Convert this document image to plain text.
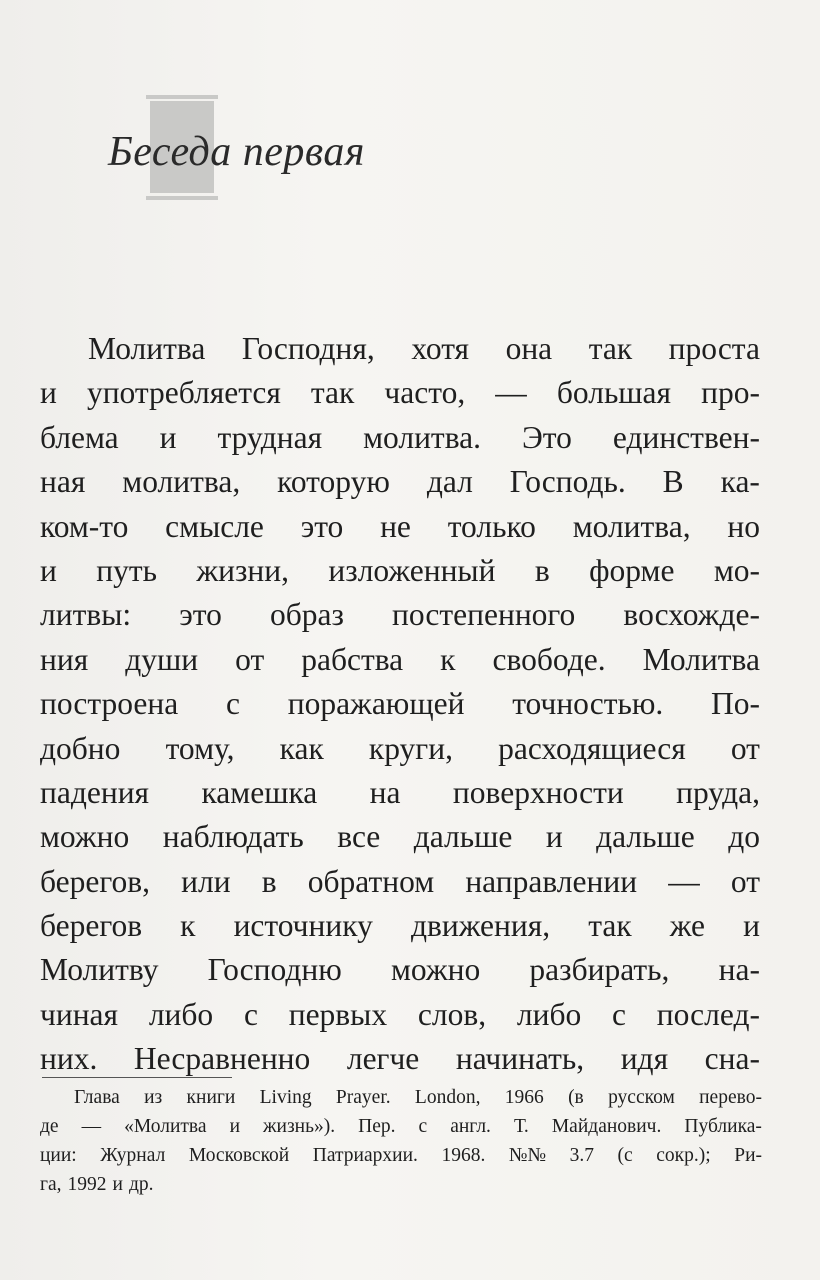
Беседа первая
Молитва Господня, хотя она так проста
и употребляется так часто, — большая про-
блема и трудная молитва. Это единствен-
ная молитва, которую дал Господь. В ка-
ком-то смысле это не только молитва, но
и путь жизни, изложенный в форме мо-
литвы: это образ постепенного восхожде-
ния души от рабства к свободе. Молитва
построена с поражающей точностью. По-
добно тому, как круги, расходящиеся от
падения камешка на поверхности пруда,
можно наблюдать все дальше и дальше до
берегов, или в обратном направлении — от
берегов к источнику движения, так же и
Молитву Господню можно разбирать, на-
чиная либо с первых слов, либо с послед-
них. Несравненно легче начинать, идя сна-
Глава из книги Living Prayer. London, 1966 (в русском перево-
де — «Молитва и жизнь»). Пер. с англ. Т. Майданович. Публика-
ции: Журнал Московской Патриархии. 1968. №№ 3.7 (с сокр.); Ри-
га, 1992 и др.
